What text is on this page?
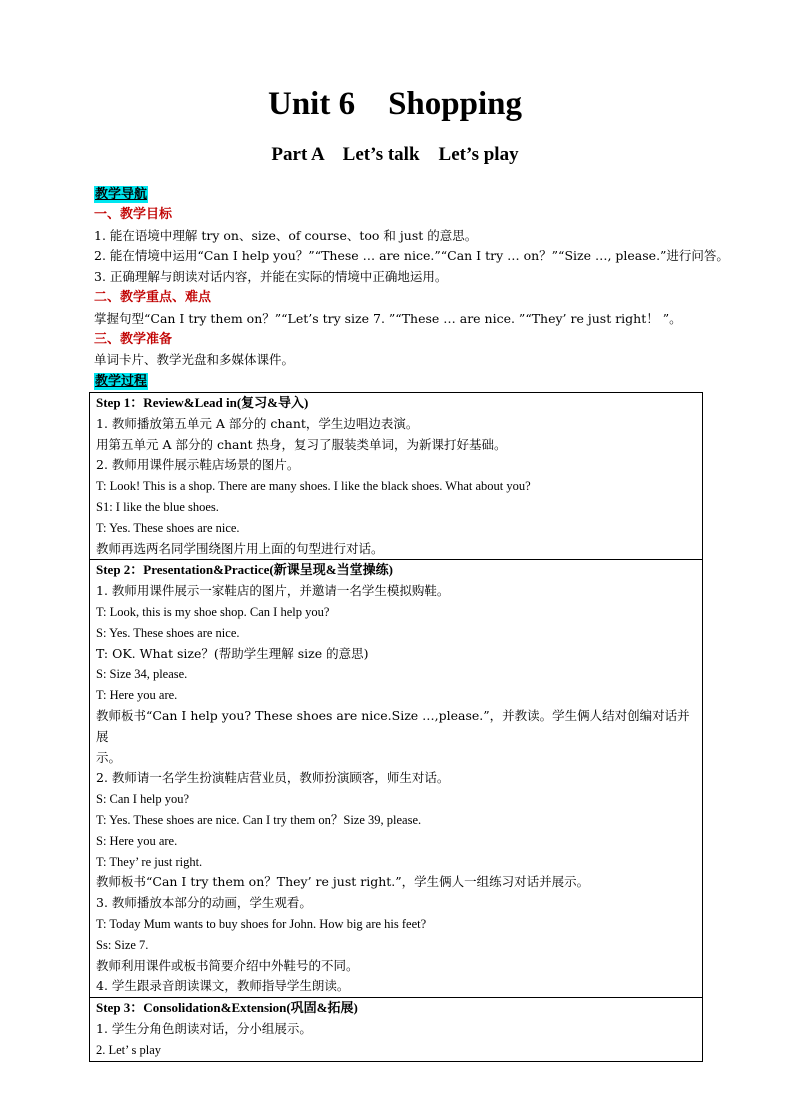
Unit 6    Shopping
Part A    Let’s talk    Let’s play
教学导航
一、教学目标
1. 能在语境中理解 try on、size、of course、too 和 just 的意思。
2. 能在情境中运用“Can I help you？”“These … are nice.”“Can I try … on？”“Size …, please.”进行问答。
3. 正确理解与朗读对话内容，并能在实际的情境中正确地运用。
二、教学重点、难点
掌握句型“Can I try them on？”“Let’s try size 7. ”“These … are nice. ”“They’ re just right！ ”。
三、教学准备
单词卡片、教学光盘和多媒体课件。
教学过程
Step 1：Review&Lead in(复习&导入)
1. 教师播放第五单元 A 部分的 chant，学生边唱边表演。
用第五单元 A 部分的 chant 热身，复习了服装类单词，为新课打好基础。
2. 教师用课件展示鞋店场景的图片。
T: Look! This is a shop. There are many shoes. I like the black shoes. What about you?
S1: I like the blue shoes.
T: Yes. These shoes are nice.
教师再选两名同学围绕图片用上面的句型进行对话。

Step 2：Presentation&Practice(新课呈现&当堂操练)
1. 教师用课件展示一家鞋店的图片，并邀请一名学生模拟购鞋。
T: Look, this is my shoe shop. Can I help you?
S: Yes. These shoes are nice.
T: OK. What size？(帮助学生理解 size 的意思)
S: Size 34, please.
T: Here you are.
教师板书“Can I help you? These shoes are nice.Size …,please.”，并教读。学生俩人结对创编对话并展
示。
2. 教师请一名学生扮演鞋店营业员，教师扮演顾客，师生对话。
S: Can I help you?
T: Yes. These shoes are nice. Can I try them on？Size 39, please.
S: Here you are.
T: They’ re just right.
教师板书“Can I try them on？They’ re just right.”，学生俩人一组练习对话并展示。
3. 教师播放本部分的动画，学生观看。
T: Today Mum wants to buy shoes for John. How big are his feet?
Ss: Size 7.
教师利用课件或板书简要介绍中外鞋号的不同。
4. 学生跟录音朗读课文，教师指导学生朗读。

Step 3：Consolidation&Extension(巩固&拓展)
1. 学生分角色朗读对话，分小组展示。
2. Let’ s play
